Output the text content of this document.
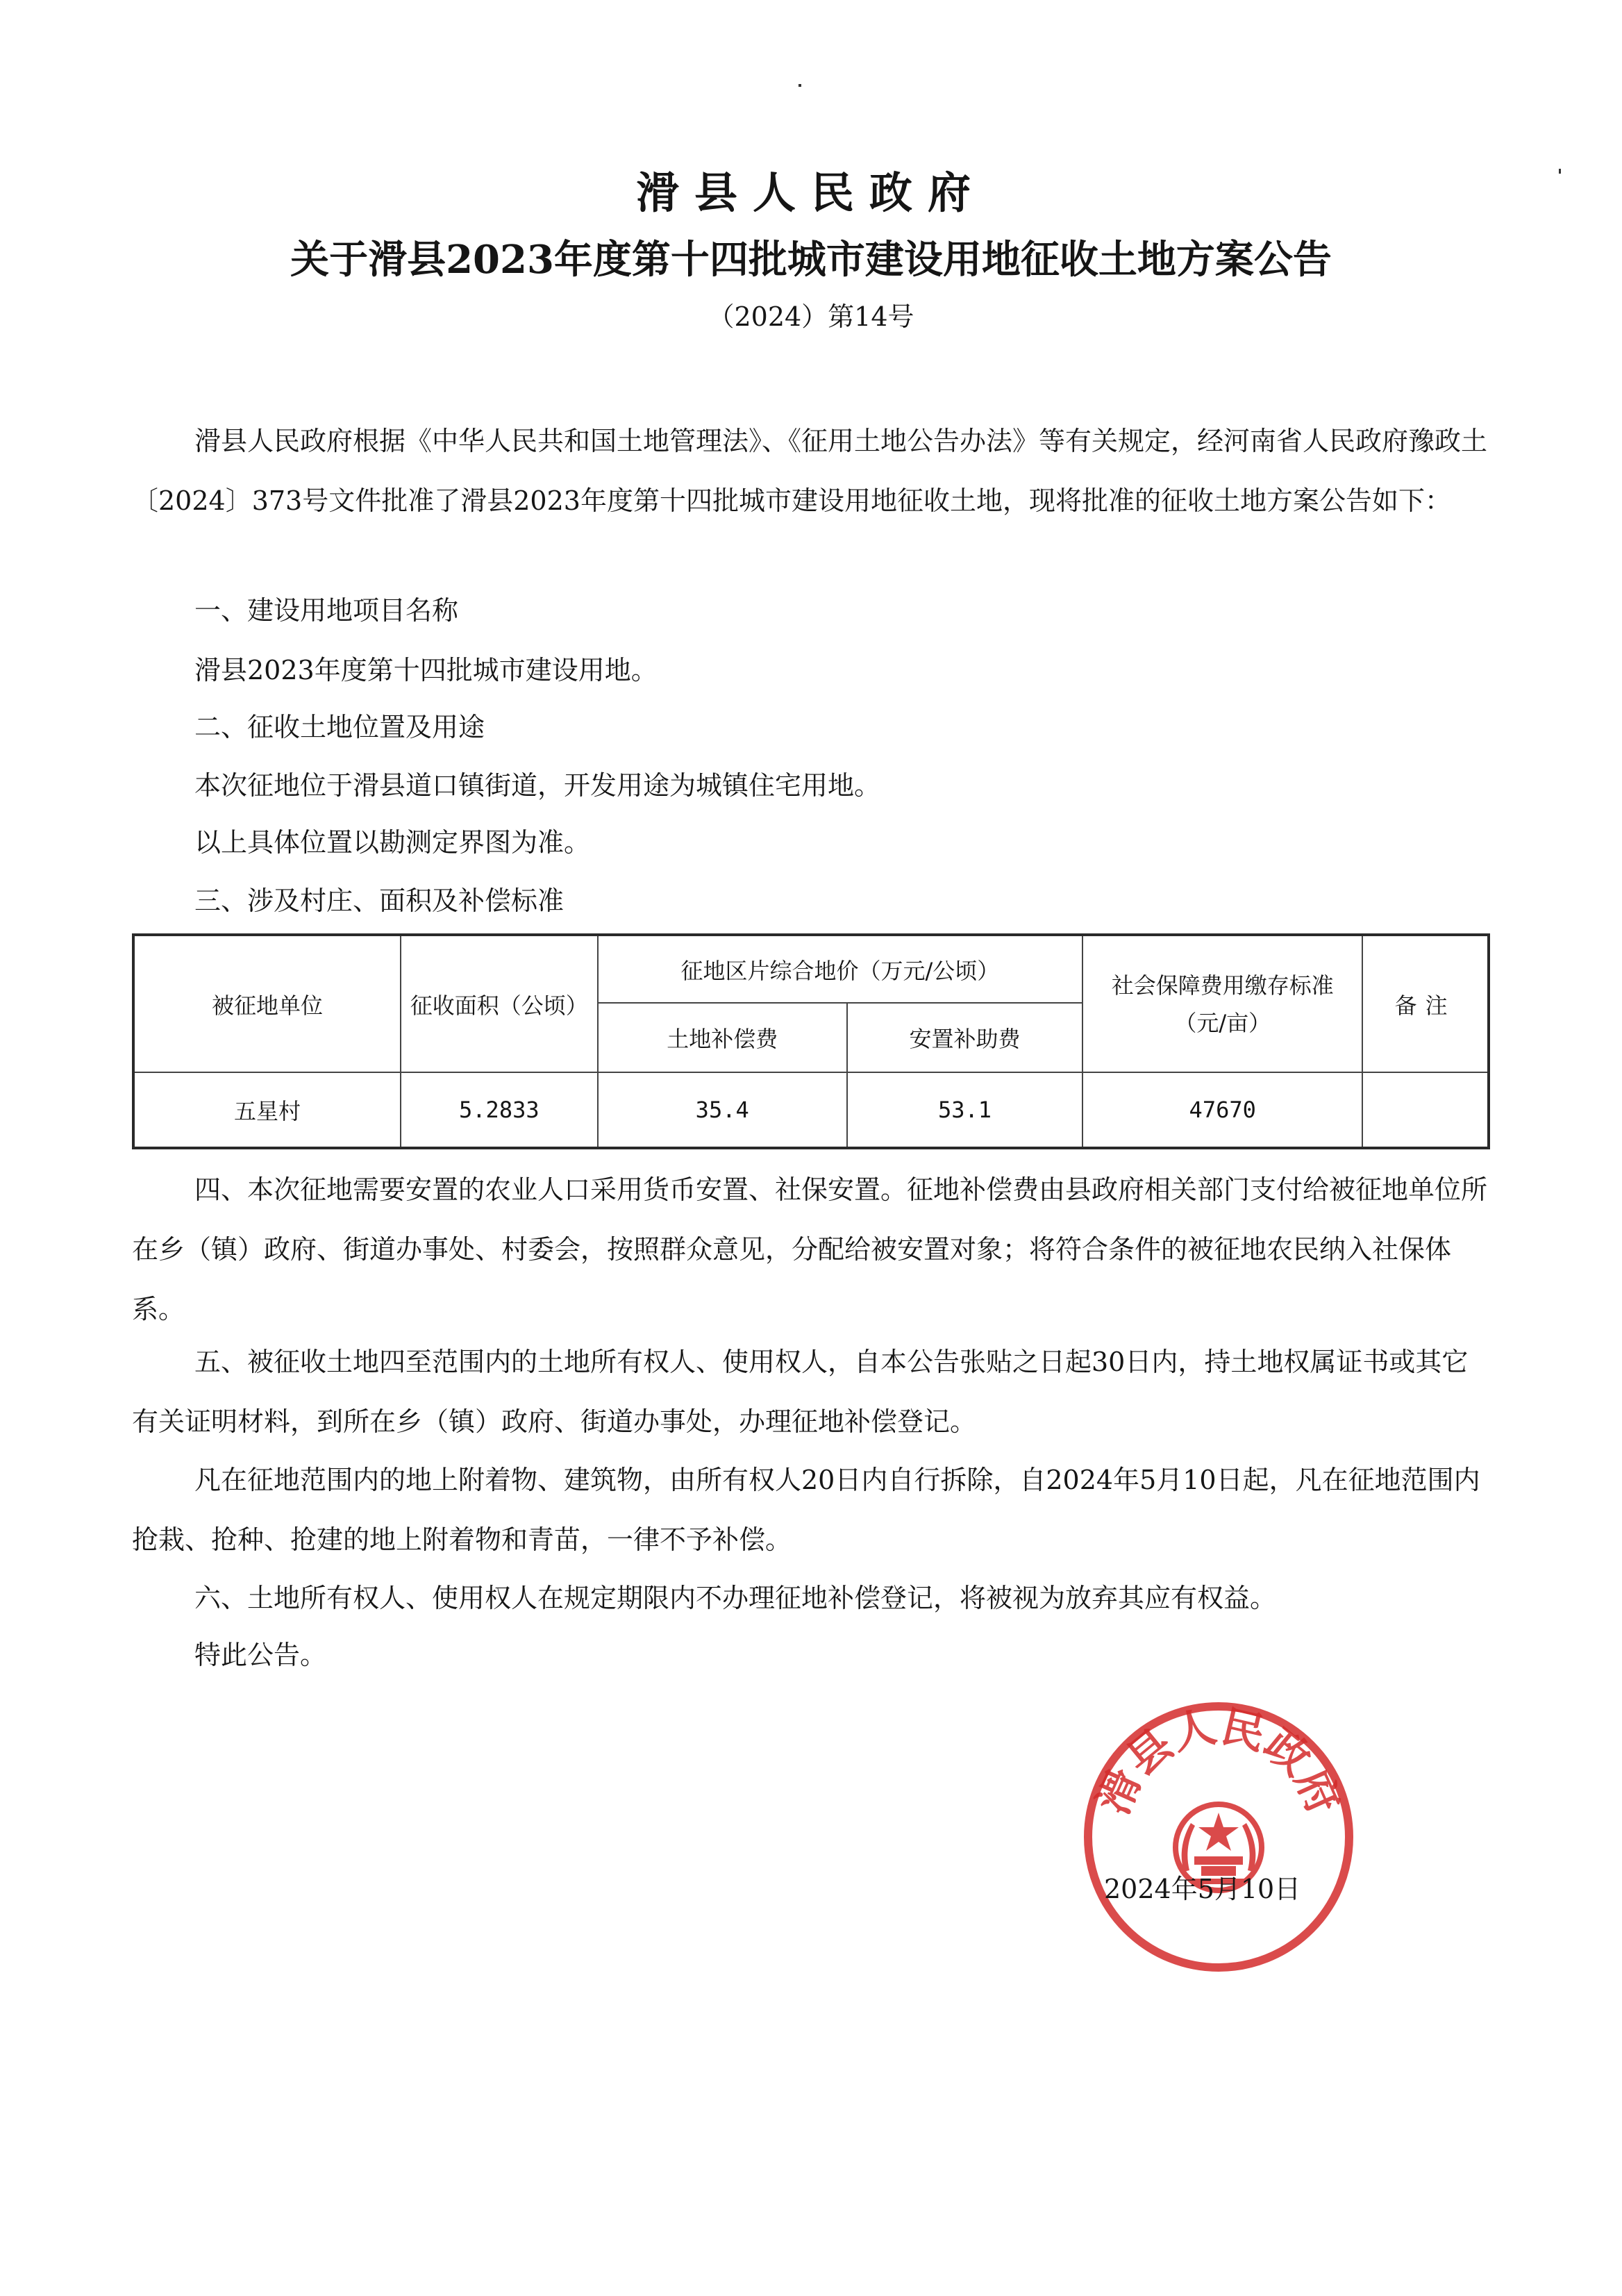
滑县人民政府
关于滑县2023年度第十四批城市建设用地征收土地方案公告
（2024）第14号

滑县人民政府根据《中华人民共和国土地管理法》、《征用土地公告办法》等有关规定，经河南省人民政府豫政土〔2024〕373号文件批准了滑县2023年度第十四批城市建设用地征收土地，现将批准的征收土地方案公告如下：

一、建设用地项目名称

滑县2023年度第十四批城市建设用地。

二、征收土地位置及用途

本次征地位于滑县道口镇街道，开发用途为城镇住宅用地。

以上具体位置以勘测定界图为准。

三、涉及村庄、面积及补偿标准

被征地单位	征收面积（公顷）	征地区片综合地价（万元/公顷）		社会保障费用缴存标准（元/亩）	备注
		土地补偿费	安置补助费		
五星村	5.2833	35.4	53.1	47670	

四、本次征地需要安置的农业人口采用货币安置、社保安置。征地补偿费由县政府相关部门支付给被征地单位所在乡（镇）政府、街道办事处、村委会，按照群众意见，分配给被安置对象；将符合条件的被征地农民纳入社保体系。

五、被征收土地四至范围内的土地所有权人、使用权人，自本公告张贴之日起30日内，持土地权属证书或其它有关证明材料，到所在乡（镇）政府、街道办事处，办理征地补偿登记。

凡在征地范围内的地上附着物、建筑物，由所有权人20日内自行拆除，自2024年5月10日起，凡在征地范围内抢栽、抢种、抢建的地上附着物和青苗，一律不予补偿。

六、土地所有权人、使用权人在规定期限内不办理征地补偿登记，将被视为放弃其应有权益。

特此公告。

滑县人民政府
2024年5月10日
